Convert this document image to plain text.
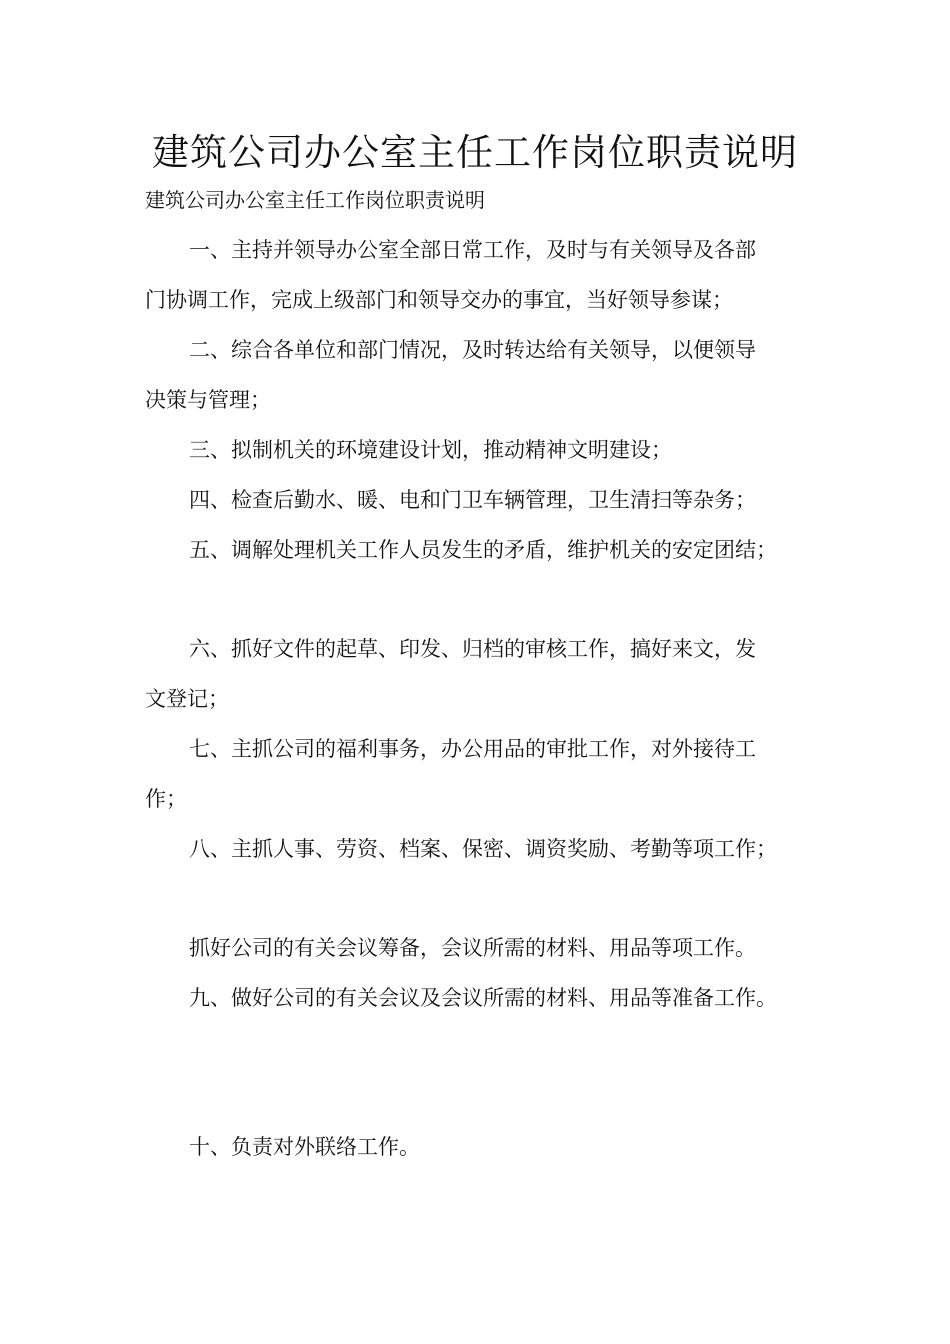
建筑公司办公室主任工作岗位职责说明

建筑公司办公室主任工作岗位职责说明

一、主持并领导办公室全部日常工作，及时与有关领导及各部

门协调工作，完成上级部门和领导交办的事宜，当好领导参谋；

二、综合各单位和部门情况，及时转达给有关领导，以便领导

决策与管理；

三、拟制机关的环境建设计划，推动精神文明建设；

四、检查后勤水、暖、电和门卫车辆管理，卫生清扫等杂务；

五、调解处理机关工作人员发生的矛盾，维护机关的安定团结；

六、抓好文件的起草、印发、归档的审核工作，搞好来文，发

文登记；

七、主抓公司的福利事务，办公用品的审批工作，对外接待工

作；

八、主抓人事、劳资、档案、保密、调资奖励、考勤等项工作；

抓好公司的有关会议筹备，会议所需的材料、用品等项工作。

九、做好公司的有关会议及会议所需的材料、用品等准备工作。

十、负责对外联络工作。
